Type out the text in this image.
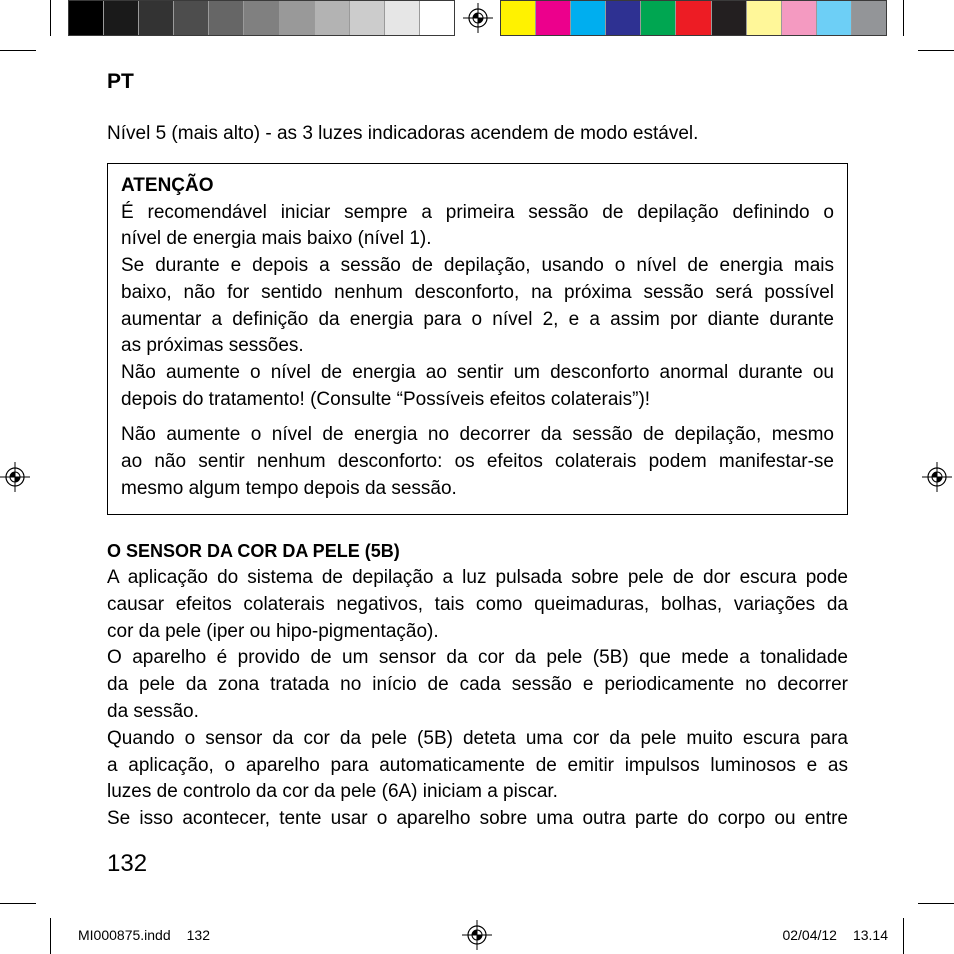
PT
Nível 5 (mais alto) - as 3 luzes indicadoras acendem de modo estável.
ATENÇÃO
É recomendável iniciar sempre a primeira sessão de depilação definindo o
nível de energia mais baixo (nível 1).
Se durante e depois a sessão de depilação, usando o nível de energia mais
baixo, não for sentido nenhum desconforto, na próxima sessão será possível
aumentar a definição da energia para o nível 2, e a assim por diante durante
as próximas sessões.
Não aumente o nível de energia ao sentir um desconforto anormal durante ou
depois do tratamento! (Consulte “Possíveis efeitos colaterais”)!
Não aumente o nível de energia no decorrer da sessão de depilação, mesmo
ao não sentir nenhum desconforto: os efeitos colaterais podem manifestar-se
mesmo algum tempo depois da sessão.
O SENSOR DA COR DA PELE (5B)
A aplicação do sistema de depilação a luz pulsada sobre pele de dor escura pode
causar efeitos colaterais negativos, tais como queimaduras, bolhas, variações da
cor da pele (iper ou hipo-pigmentação).
O aparelho é provido de um sensor da cor da pele (5B) que mede a tonalidade
da pele da zona tratada no início de cada sessão e periodicamente no decorrer
da sessão.
Quando o sensor da cor da pele (5B) deteta uma cor da pele muito escura para
a aplicação, o aparelho para automaticamente de emitir impulsos luminosos e as
luzes de controlo da cor da pele (6A) iniciam a piscar.
Se isso acontecer, tente usar o aparelho sobre uma outra parte do corpo ou entre
132
MI000875.indd 132	02/04/12 13.14
